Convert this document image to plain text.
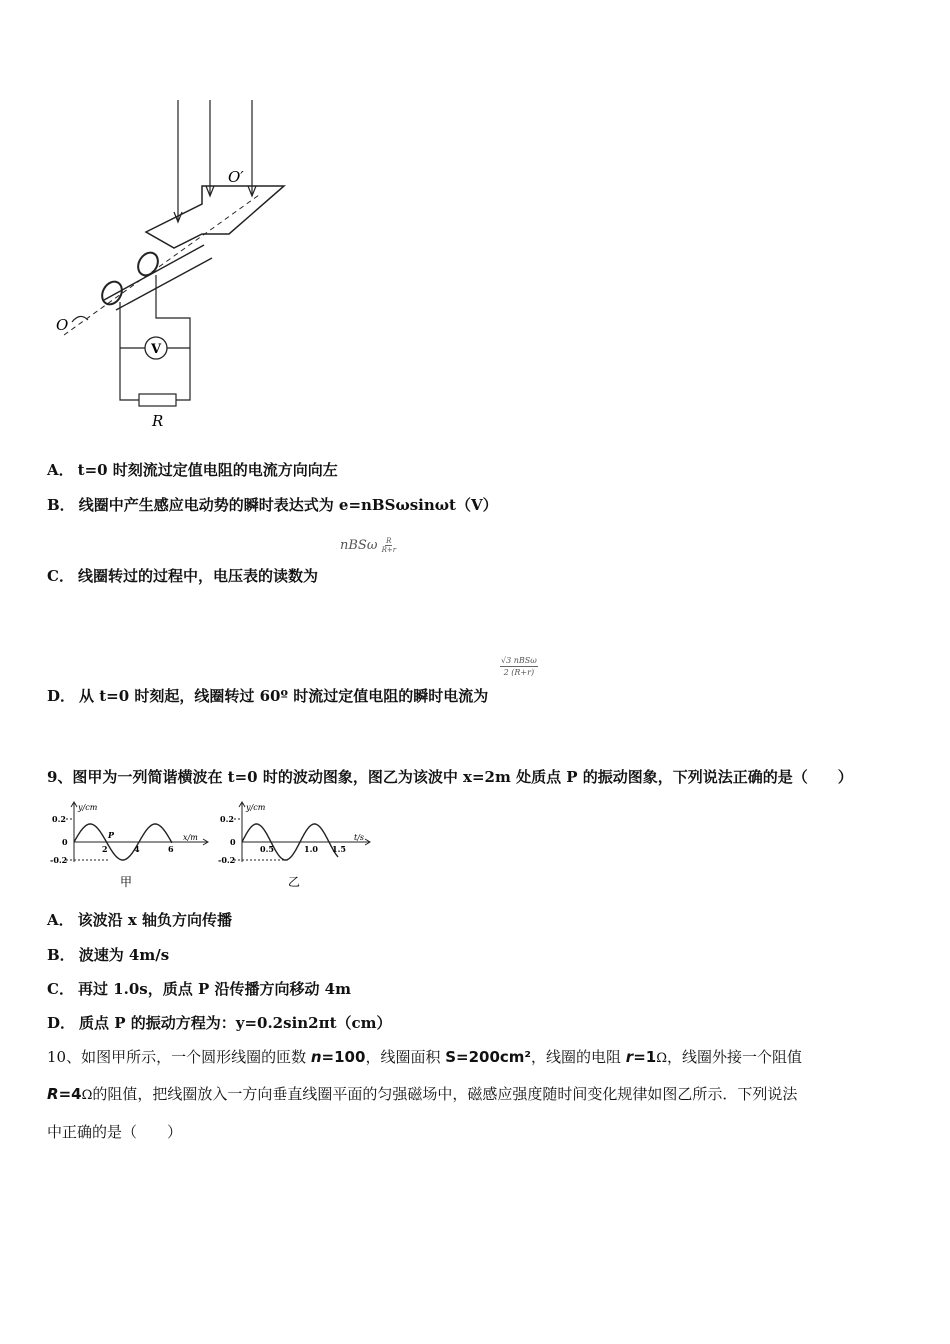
V
R
O′
O
A． t=0 时刻流过定值电阻的电流方向向左
B． 线圈中产生感应电动势的瞬时表达式为 e=nBSωsinωt（V）
nBSω $\frac{R}{R+r}$
C． 线圈转过的过程中，电压表的读数为
$\frac{\text{√3 nBSω}}{2 (R+r)}$
D． 从 t=0 时刻起，线圈转过 60º 时流过定值电阻的瞬时电流为
9、图甲为一列简谐横波在 t=0 时的波动图象，图乙为该波中 x=2m 处质点 P 的振动图象，下列说法正确的是（　　）
y/cm
x/m
0.2
0
-0.2
2	4	6
P
甲
y/cm
t/s
0.2
0
-0.2
0.5	1.0 1.5
乙
A． 该波沿 x 轴负方向传播
B． 波速为 4m/s
C． 再过 1.0s，质点 P 沿传播方向移动 4m
D． 质点 P 的振动方程为：y=0.2sin2πt（cm）
10、如图甲所示，一个圆形线圈的匝数 n=100，线圈面积 S=200cm²，线圈的电阻 r=1Ω，线圈外接一个阻值
R=4Ω的阻值，把线圈放入一方向垂直线圈平面的匀强磁场中，磁感应强度随时间变化规律如图乙所示．下列说法
中正确的是（　　）
